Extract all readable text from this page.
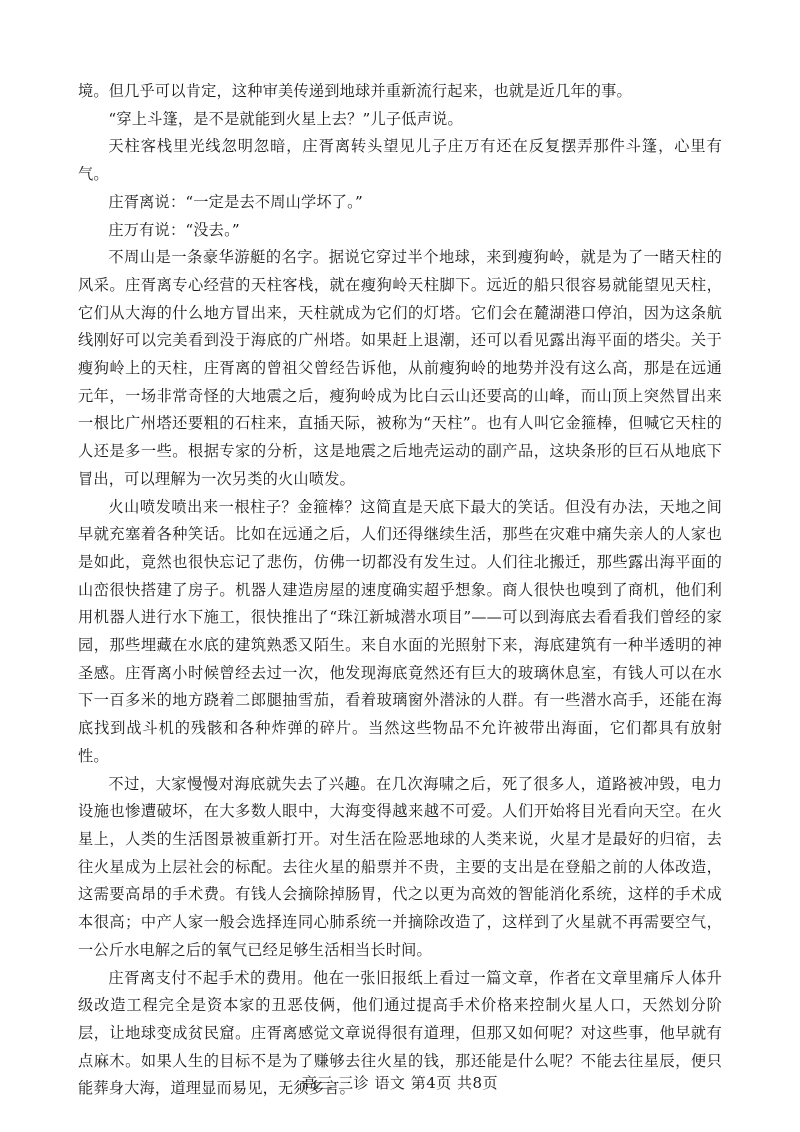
境。但几乎可以肯定，这种审美传递到地球并重新流行起来，也就是近几年的事。

“穿上斗篷，是不是就能到火星上去？”儿子低声说。

天柱客栈里光线忽明忽暗，庄胥离转头望见儿子庄万有还在反复摆弄那件斗篷，心里有气。

庄胥离说：“一定是去不周山学坏了。”

庄万有说：“没去。”

不周山是一条豪华游艇的名字。据说它穿过半个地球，来到瘦狗岭，就是为了一睹天柱的风采。庄胥离专心经营的天柱客栈，就在瘦狗岭天柱脚下。远近的船只很容易就能望见天柱，它们从大海的什么地方冒出来，天柱就成为它们的灯塔。它们会在麓湖港口停泊，因为这条航线刚好可以完美看到没于海底的广州塔。如果赶上退潮，还可以看见露出海平面的塔尖。关于瘦狗岭上的天柱，庄胥离的曾祖父曾经告诉他，从前瘦狗岭的地势并没有这么高，那是在远通元年，一场非常奇怪的大地震之后，瘦狗岭成为比白云山还要高的山峰，而山顶上突然冒出来一根比广州塔还要粗的石柱来，直插天际，被称为“天柱”。也有人叫它金箍棒，但喊它天柱的人还是多一些。根据专家的分析，这是地震之后地壳运动的副产品，这块条形的巨石从地底下冒出，可以理解为一次另类的火山喷发。

火山喷发喷出来一根柱子？金箍棒？这简直是天底下最大的笑话。但没有办法，天地之间早就充塞着各种笑话。比如在远通之后，人们还得继续生活，那些在灾难中痛失亲人的人家也是如此，竟然也很快忘记了悲伤，仿佛一切都没有发生过。人们往北搬迁，那些露出海平面的山峦很快搭建了房子。机器人建造房屋的速度确实超乎想象。商人很快也嗅到了商机，他们利用机器人进行水下施工，很快推出了“珠江新城潜水项目”——可以到海底去看看我们曾经的家园，那些埋藏在水底的建筑熟悉又陌生。来自水面的光照射下来，海底建筑有一种半透明的神圣感。庄胥离小时候曾经去过一次，他发现海底竟然还有巨大的玻璃休息室，有钱人可以在水下一百多米的地方跷着二郎腿抽雪茄，看着玻璃窗外潜泳的人群。有一些潜水高手，还能在海底找到战斗机的残骸和各种炸弹的碎片。当然这些物品不允许被带出海面，它们都具有放射性。

不过，大家慢慢对海底就失去了兴趣。在几次海啸之后，死了很多人，道路被冲毁，电力设施也惨遭破坏，在大多数人眼中，大海变得越来越不可爱。人们开始将目光看向天空。在火星上，人类的生活图景被重新打开。对生活在险恶地球的人类来说，火星才是最好的归宿，去往火星成为上层社会的标配。去往火星的船票并不贵，主要的支出是在登船之前的人体改造，这需要高昂的手术费。有钱人会摘除掉肠胃，代之以更为高效的智能消化系统，这样的手术成本很高；中产人家一般会选择连同心肺系统一并摘除改造了，这样到了火星就不再需要空气，一公斤水电解之后的氧气已经足够生活相当长时间。

庄胥离支付不起手术的费用。他在一张旧报纸上看过一篇文章，作者在文章里痛斥人体升级改造工程完全是资本家的丑恶伎俩，他们通过提高手术价格来控制火星人口，天然划分阶层，让地球变成贫民窟。庄胥离感觉文章说得很有道理，但那又如何呢？对这些事，他早就有点麻木。如果人生的目标不是为了赚够去往火星的钱，那还能是什么呢？不能去往星辰，便只能葬身大海，道理显而易见，无须多言。

高三·三诊 语文 第4页 共8页
